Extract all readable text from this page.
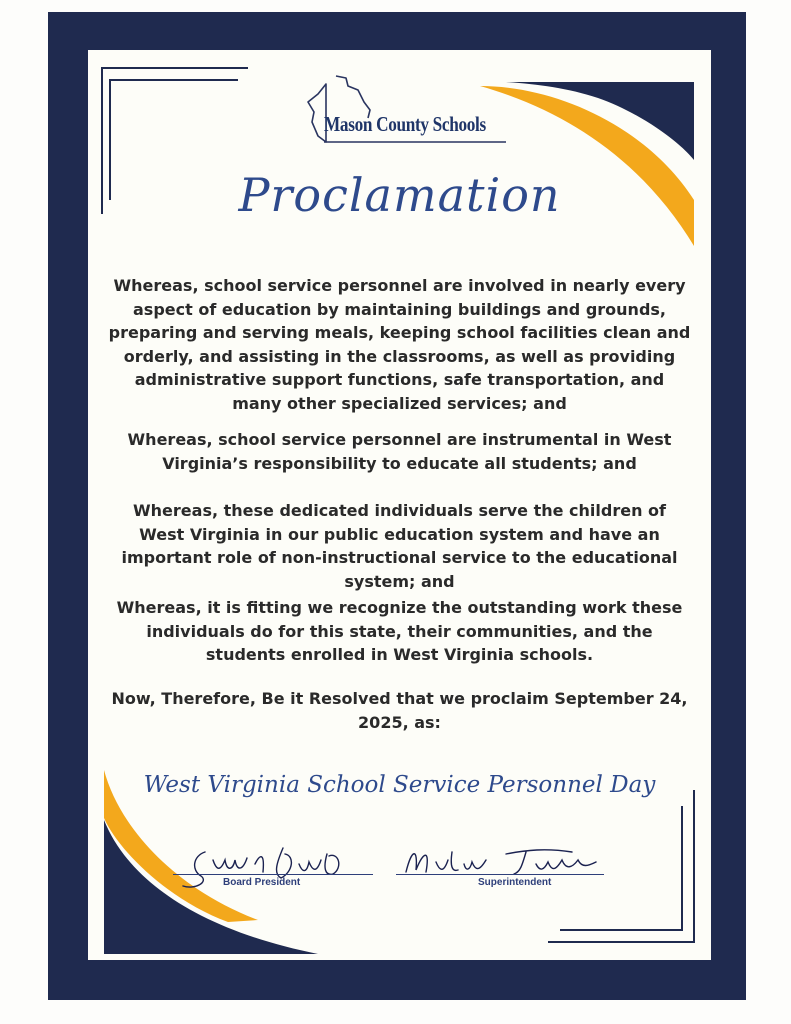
Mason County Schools
Proclamation

Whereas, school service personnel are involved in nearly every aspect of education by maintaining buildings and grounds, preparing and serving meals, keeping school facilities clean and orderly, and assisting in the classrooms, as well as providing administrative support functions, safe transportation, and many other specialized services; and

Whereas, school service personnel are instrumental in West Virginia’s responsibility to educate all students; and

Whereas, these dedicated individuals serve the children of West Virginia in our public education system and have an important role of non-instructional service to the educational system; and

Whereas, it is fitting we recognize the outstanding work these individuals do for this state, their communities, and the students enrolled in West Virginia schools.

Now, Therefore, Be it Resolved that we proclaim September 24, 2025, as:

West Virginia School Service Personnel Day
Board President	Superintendent
